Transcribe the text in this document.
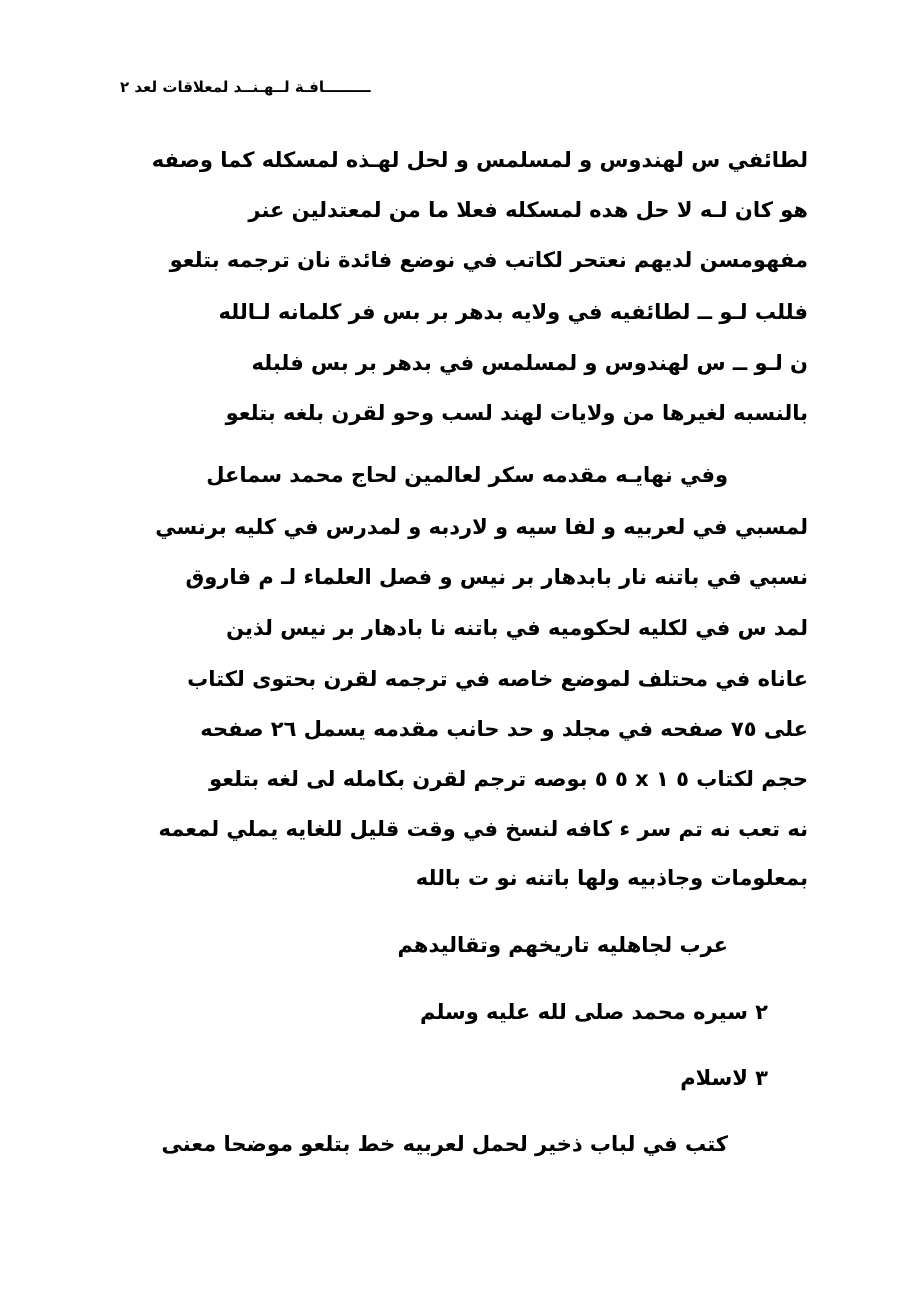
ـــــــــافـة لــهـنــد لمعلاقات لعد ٢
لطائفي س لهندوس و لمسلمس و لحل لهـذه لمسكله كما وصفه
هو كان لـه لا حل هده لمسكله فعلا ما من لمعتدلين عنر
مفهومسن لديهم نعتحر لكاتب في نوضع فائدة نان ترجمه بتلعو
فللب لـو ــ لطائفيه في ولايه بدهر بر بس فر كلمانه لـالله
ن لـو ــ س لهندوس و لمسلمس في بدهر بر بس فلبله
بالنسبه لغيرها من ولايات لهند لسب وحو لقرن بلغه بتلعو
وفي نهايـه مقدمه سكر لعالمين لحاج محمد سماعل
لمسبي في لعربيه و لفا سيه و لاردبه و لمدرس في كليه برنسي
نسبي في باتنه نار بابدهار بر نيس و فصل العلماء لـ م فاروق
لمد س في لكليه لحكوميه في باتنه نا بادهار بر نيس لذين
عاناه في محتلف لموضع خاصه في ترجمه لقرن بحتوى لكتاب
على ٧٥ صفحه في مجلد و حد حانب مقدمه يسمل ٢٦ صفحه
حجم لكتاب ٥ ١ x ٥ ٥ بوصه ترجم لقرن بكامله لى لغه بتلعو
نه تعب نه تم سر ء كافه لنسخ في وقت قليل للغايه يملي لمعمه
بمعلومات وجاذبيه ولها باتنه نو ت بالله
عرب لجاهليه تاريخهم وتقاليدهم
٢ سيره محمد صلى لله عليه وسلم
٣ لاسلام
كتب في لباب ذخير لحمل لعربيه خط بتلعو موضحا معنى
